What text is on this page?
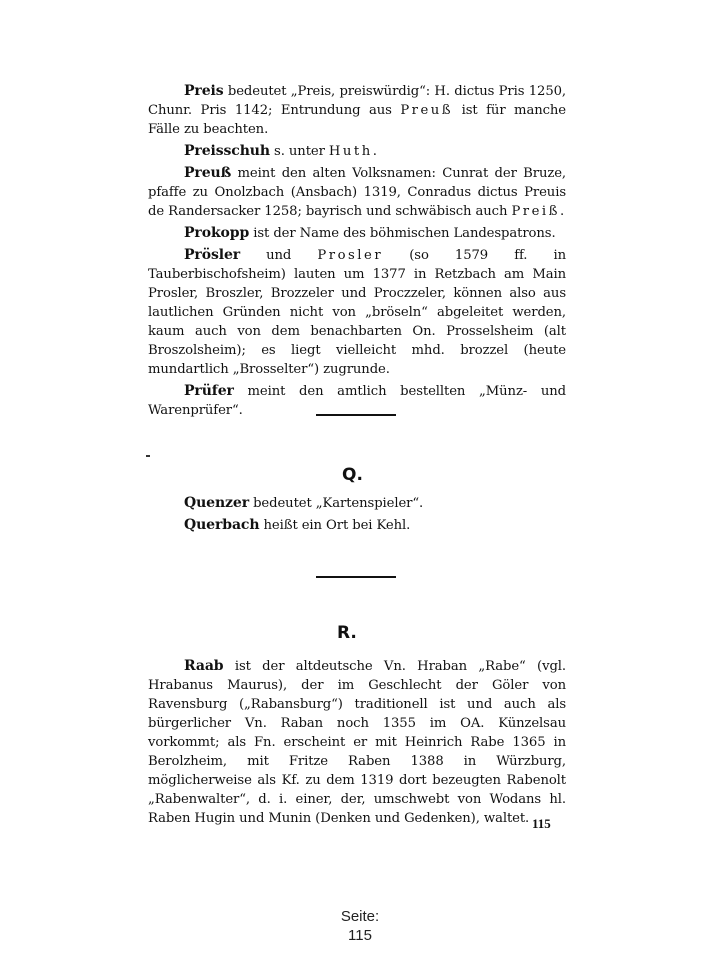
Preis bedeutet „Preis, preiswürdig“: H. dictus Pris 1250, Chunr. Pris 1142; Entrundung aus Preuß ist für manche Fälle zu beachten.

Preisschuh s. unter Huth.

Preuß meint den alten Volksnamen: Cunrat der Bruze, pfaffe zu Onolzbach (Ansbach) 1319, Conradus dictus Preuis de Randersacker 1258; bayrisch und schwäbisch auch Preiß.

Prokopp ist der Name des böhmischen Landespatrons.

Prösler und Prosler (so 1579 ff. in Tauberbischofsheim) lauten um 1377 in Retzbach am Main Prosler, Broszler, Brozzeler und Proczzeler, können also aus lautlichen Gründen nicht von „bröseln“ abgeleitet werden, kaum auch von dem benachbarten On. Prosselsheim (alt Broszolsheim); es liegt vielleicht mhd. brozzel (heute mundartlich „Brosselter“) zugrunde.

Prüfer meint den amtlich bestellten „Münz- und Warenprüfer“.

Q.

Quenzer bedeutet „Kartenspieler“.

Querbach heißt ein Ort bei Kehl.

R.

Raab ist der altdeutsche Vn. Hraban „Rabe“ (vgl. Hrabanus Maurus), der im Geschlecht der Göler von Ravensburg („Rabansburg“) traditionell ist und auch als bürgerlicher Vn. Raban noch 1355 im OA. Künzelsau vorkommt; als Fn. erscheint er mit Heinrich Rabe 1365 in Berolzheim, mit Fritze Raben 1388 in Würzburg, möglicherweise als Kf. zu dem 1319 dort bezeugten Rabenolt „Rabenwalter“, d. i. einer, der, umschwebt von Wodans hl. Raben Hugin und Munin (Denken und Gedenken), waltet. 115
Seite:
115
